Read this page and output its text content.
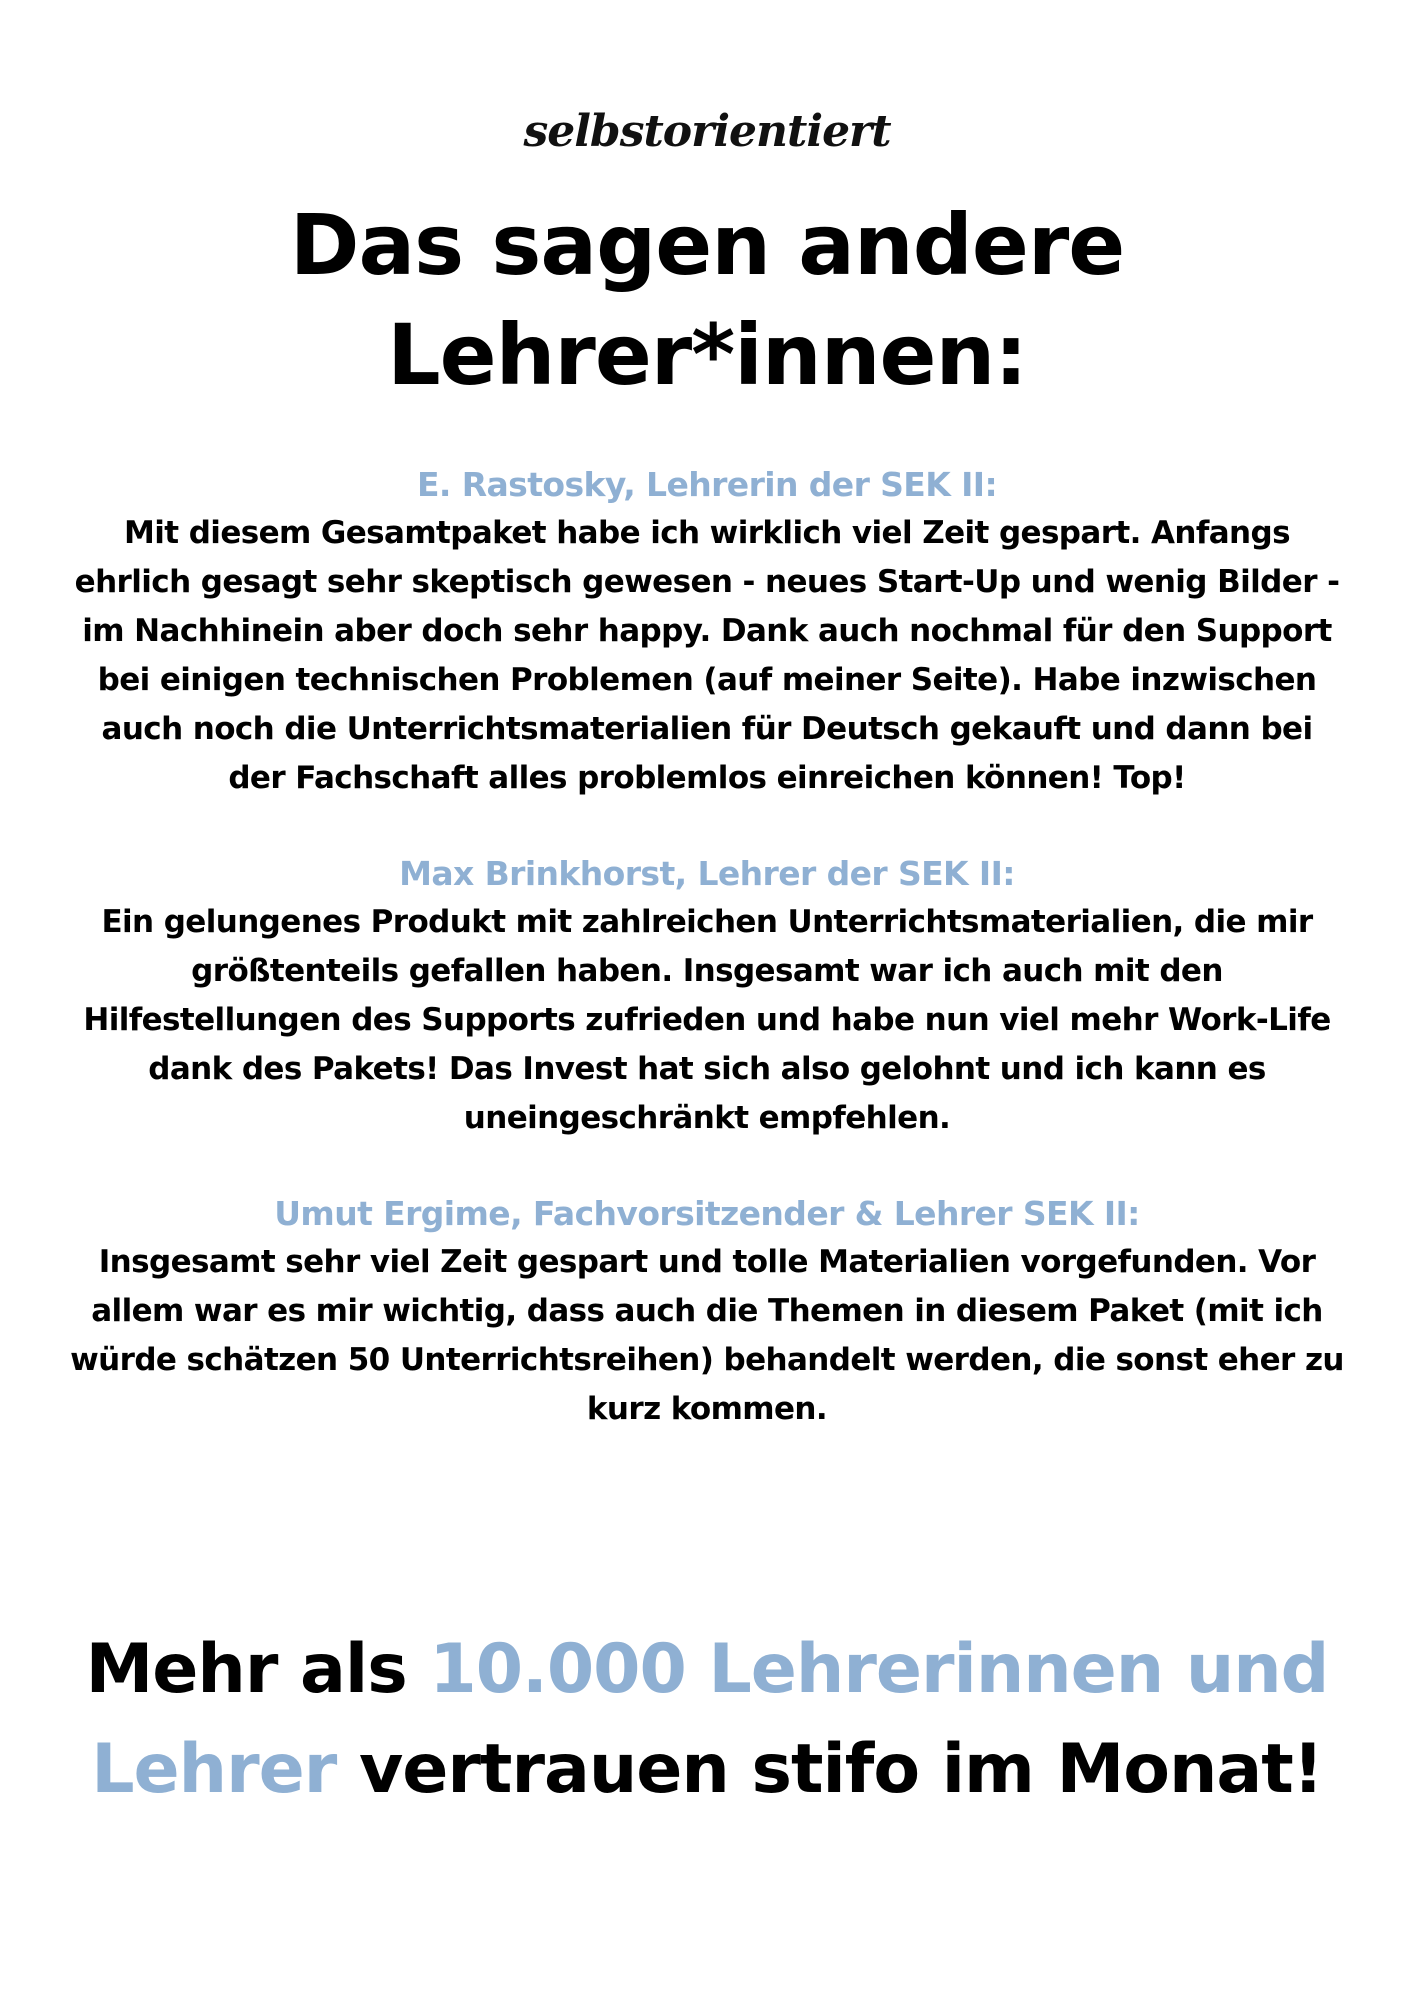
selbstorientiert
Das sagen andere
Lehrer*innen:
E. Rastosky, Lehrerin der SEK II:
Mit diesem Gesamtpaket habe ich wirklich viel Zeit gespart. Anfangs ehrlich gesagt sehr skeptisch gewesen - neues Start-Up und wenig Bilder - im Nachhinein aber doch sehr happy. Dank auch nochmal für den Support bei einigen technischen Problemen (auf meiner Seite). Habe inzwischen auch noch die Unterrichtsmaterialien für Deutsch gekauft und dann bei der Fachschaft alles problemlos einreichen können! Top!
Max Brinkhorst, Lehrer der SEK II:
Ein gelungenes Produkt mit zahlreichen Unterrichtsmaterialien, die mir größtenteils gefallen haben. Insgesamt war ich auch mit den Hilfestellungen des Supports zufrieden und habe nun viel mehr Work-Life dank des Pakets! Das Invest hat sich also gelohnt und ich kann es uneingeschränkt empfehlen.
Umut Ergime, Fachvorsitzender & Lehrer SEK II:
Insgesamt sehr viel Zeit gespart und tolle Materialien vorgefunden. Vor allem war es mir wichtig, dass auch die Themen in diesem Paket (mit ich würde schätzen 50 Unterrichtsreihen) behandelt werden, die sonst eher zu kurz kommen.
Mehr als 10.000 Lehrerinnen und Lehrer vertrauen stifo im Monat!
